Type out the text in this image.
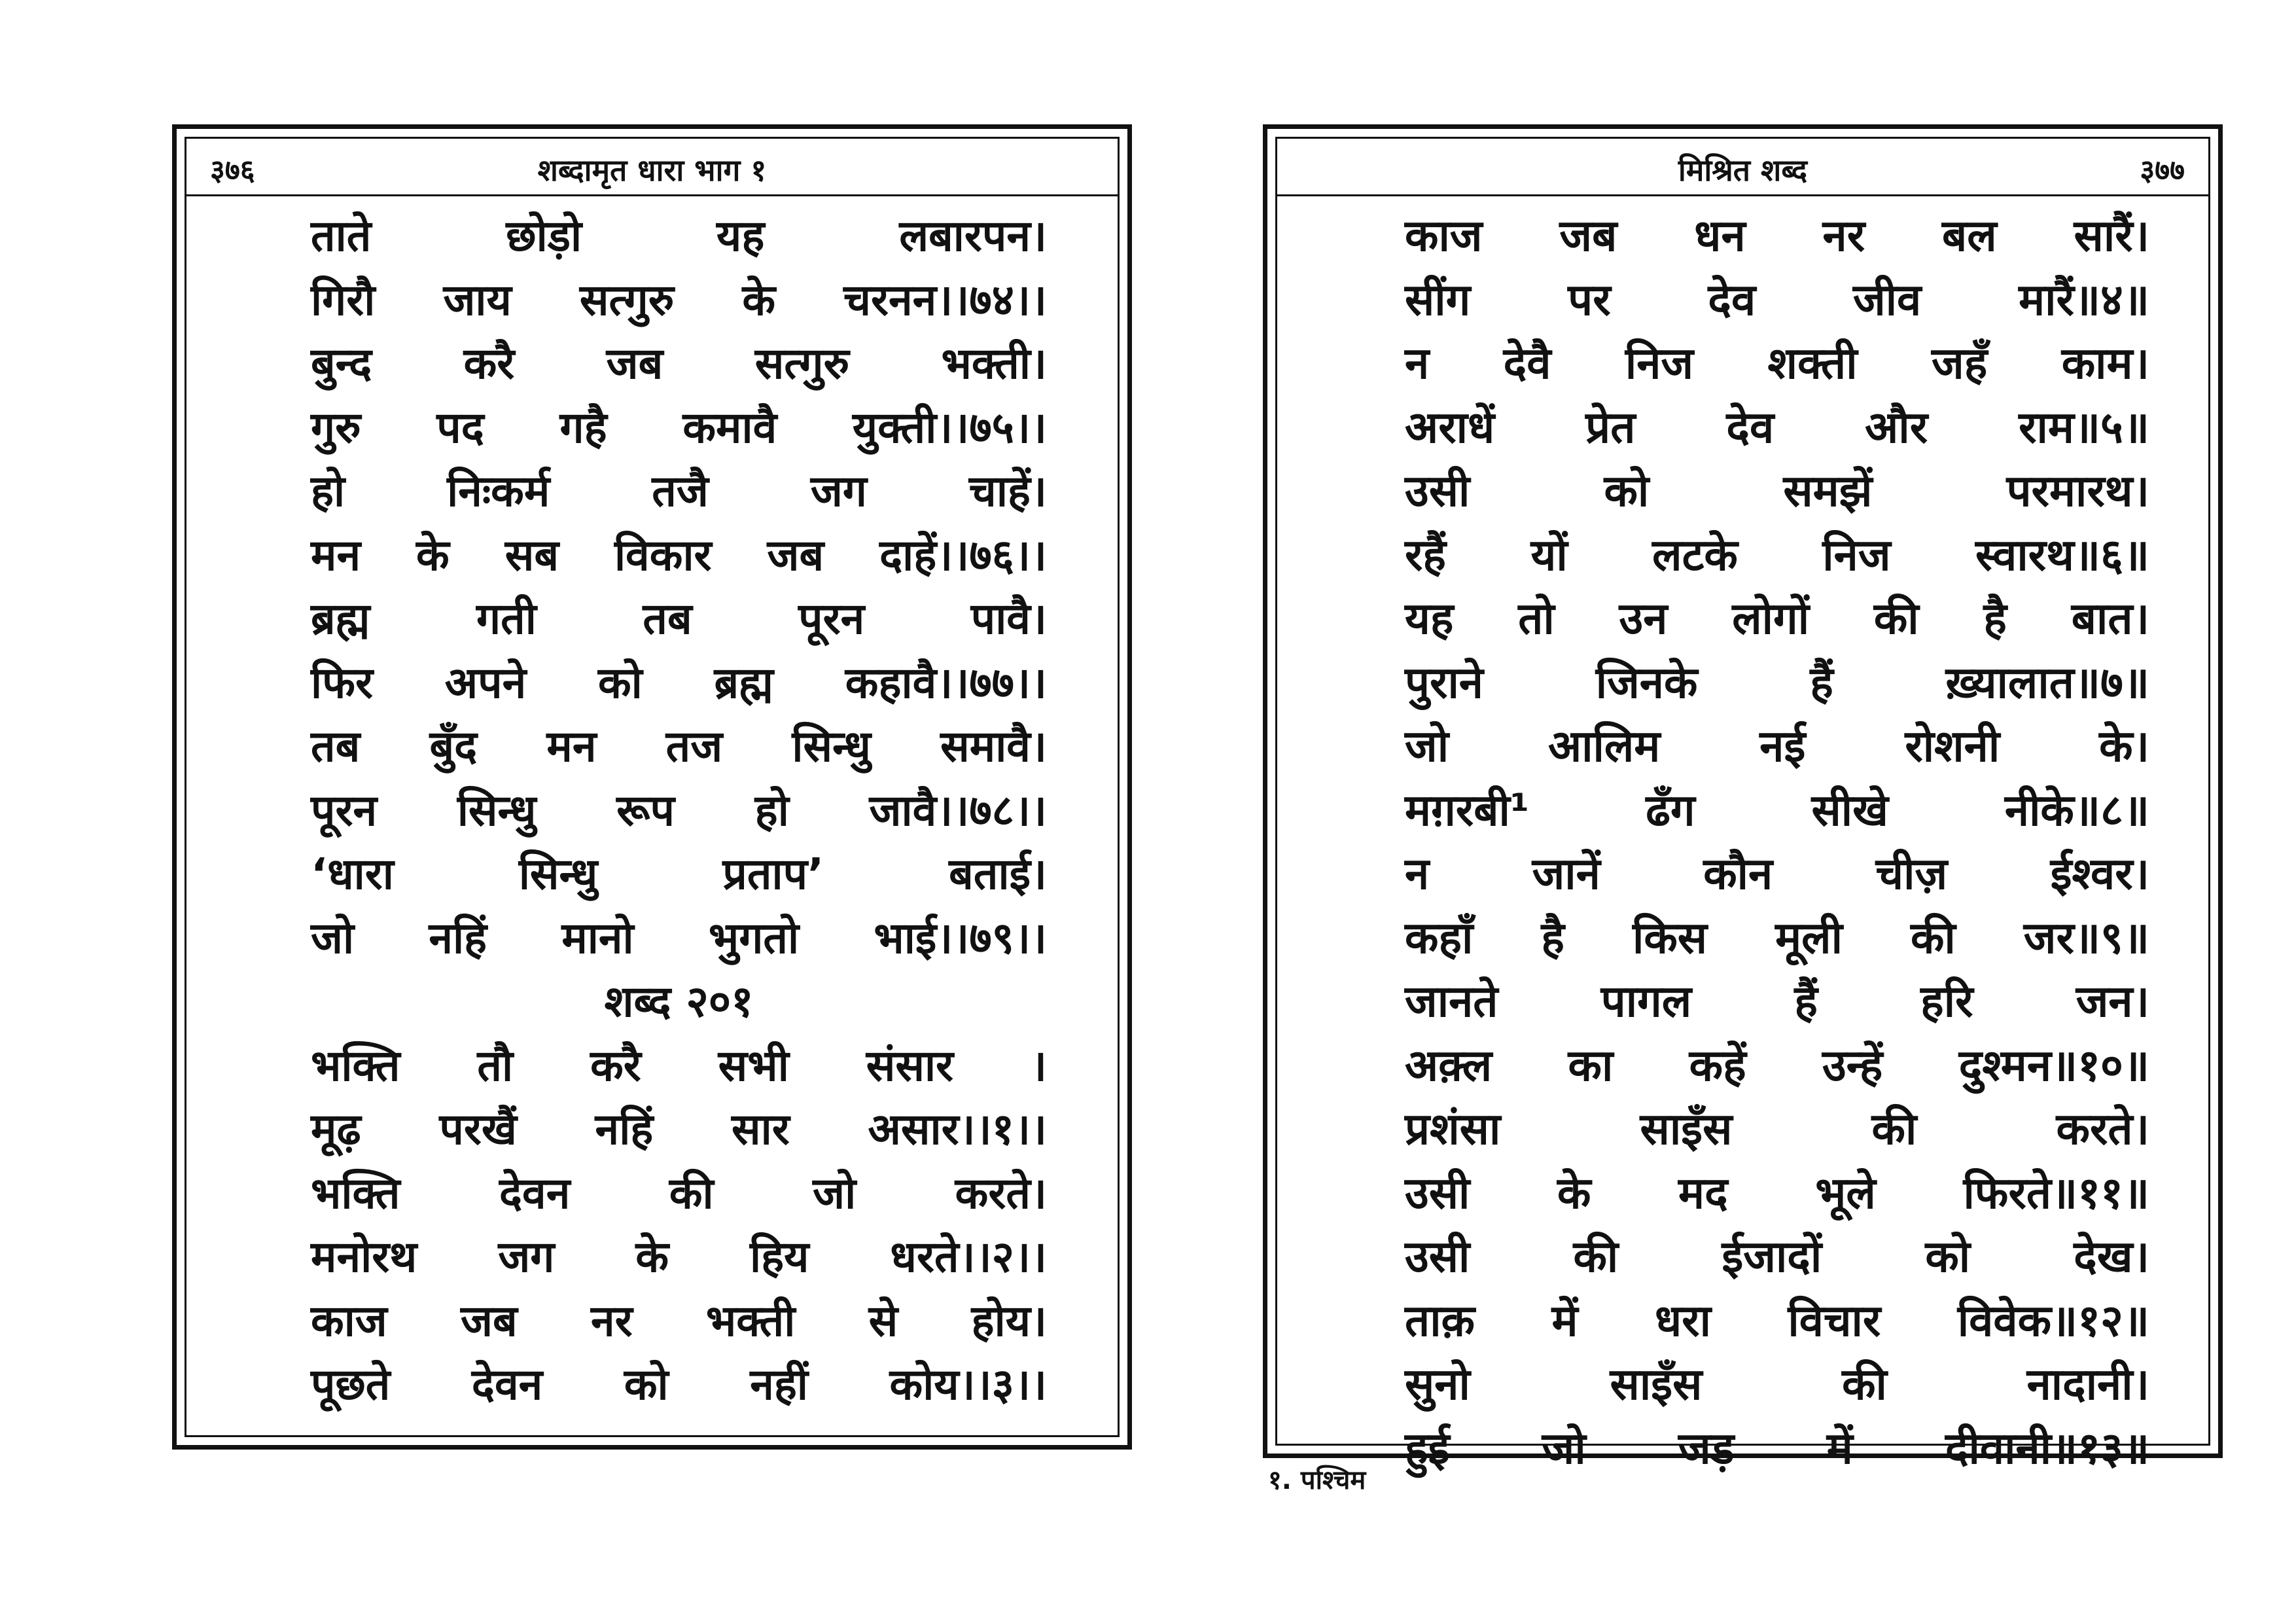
३७६	शब्दामृत धारा भाग १
ताते छोड़ो यह लबारपन।
गिरौ जाय सत्गुरु के चरनन।।७४।।
बुन्द करै जब सत्गुरु भक्ती।
गुरु पद गहै कमावै युक्ती।।७५।।
हो निःकर्म तजै जग चाहें।
मन के सब विकार जब दाहें।।७६।।
ब्रह्म गती तब पूरन पावै।
फिर अपने को ब्रह्म कहावै।।७७।।
तब बुँद मन तज सिन्धु समावै।
पूरन सिन्धु रूप हो जावै।।७८।।
‘धारा सिन्धु प्रताप’ बताई।
जो नहिं मानो भुगतो भाई।।७९।।
शब्द २०१
भक्ति तौ करै सभी संसार ।
मूढ़ परखैं नहिं सार असार।।१।।
भक्ति देवन की जो करते।
मनोरथ जग के हिय धरते।।२।।
काज जब नर भक्ती से होय।
पूछते देवन को नहीं कोय।।३।।
मिश्रित शब्द	३७७
काज जब धन नर बल सारैं।
सींग पर देव जीव मारैं॥४॥
न देवै निज शक्ती जहँ काम।
अराधें प्रेत देव और राम॥५॥
उसी को समझें परमारथ।
रहैं यों लटके निज स्वारथ॥६॥
यह तो उन लोगों की है बात।
पुराने जिनके हैं ख़्यालात॥७॥
जो आलिम नई रोशनी के।
मग़रबी¹ ढँग सीखे नीके॥८॥
न जानें कौन चीज़ ईश्वर।
कहाँ है किस मूली की जर॥९॥
जानते पागल हैं हरि जन।
अक़्ल का कहें उन्हें दुश्मन॥१०॥
प्रशंसा साइँस की करते।
उसी के मद भूले फिरते॥११॥
उसी की ईजादों को देख।
ताक़ में धरा विचार विवेक॥१२॥
सुनो साइँस की नादानी।
हुई जो जड़ में दीवानी॥१३॥
१. पश्चिम
